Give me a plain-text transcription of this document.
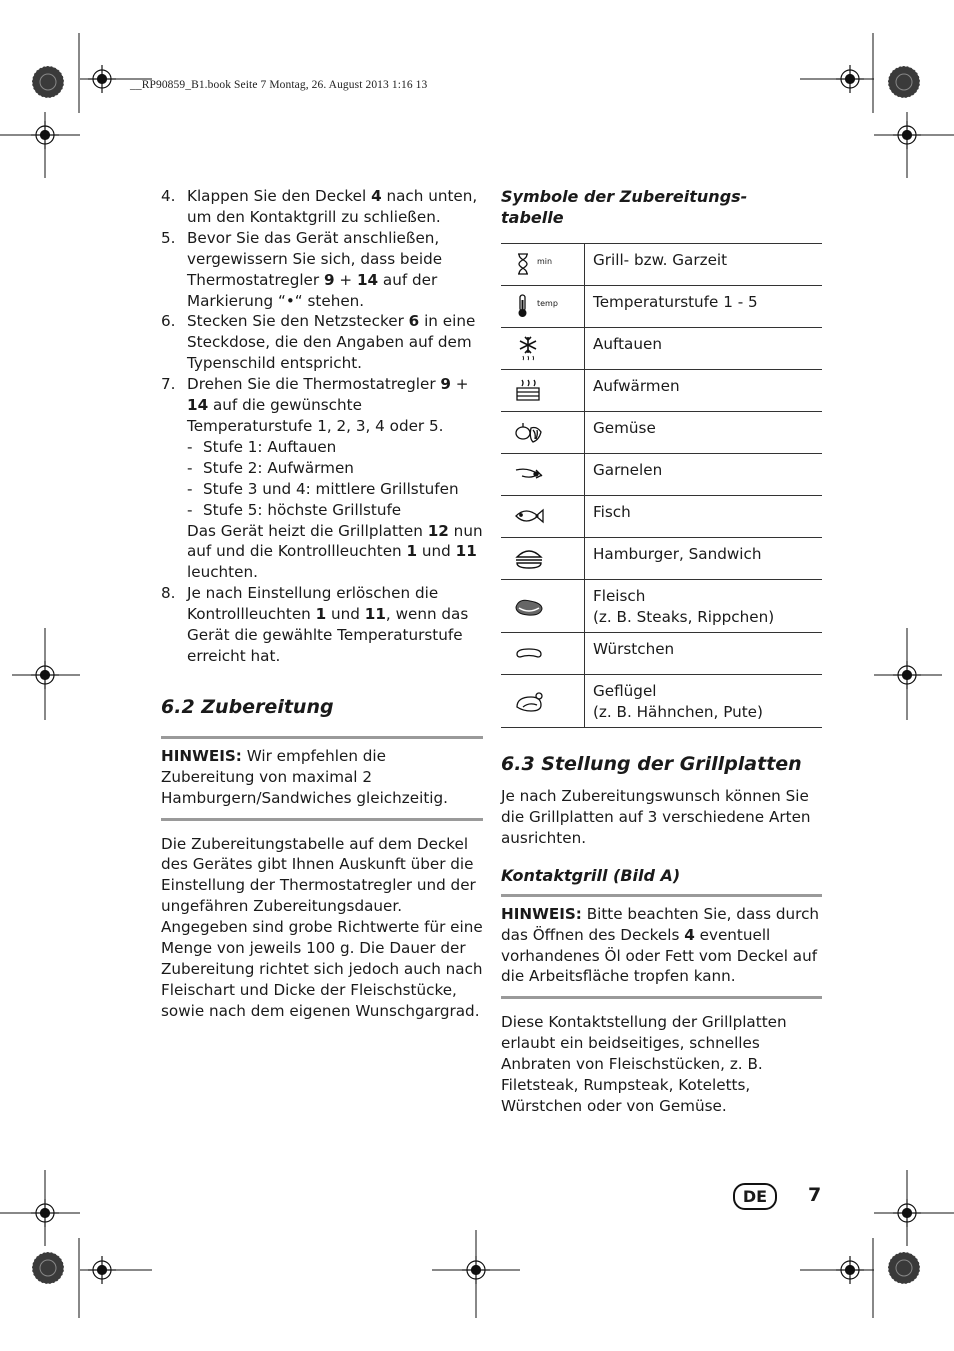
__RP90859_B1.book Seite 7 Montag, 26. August 2013 1:16 13
4. Klappen Sie den Deckel 4 nach unten, um den Kontaktgrill zu schließen.
5. Bevor Sie das Gerät anschließen, vergewissern Sie sich, dass beide Thermostatregler 9 + 14 auf der Markierung “•“ stehen.
6. Stecken Sie den Netzstecker 6 in eine Steckdose, die den Angaben auf dem Typenschild entspricht.
7. Drehen Sie die Thermostatregler 9 + 14 auf die gewünschte Temperaturstufe 1, 2, 3, 4 oder 5.
- Stufe 1: Auftauen
- Stufe 2: Aufwärmen
- Stufe 3 und 4: mittlere Grillstufen
- Stufe 5: höchste Grillstufe
Das Gerät heizt die Grillplatten 12 nun auf und die Kontrollleuchten 1 und 11 leuchten.
8. Je nach Einstellung erlöschen die Kontrollleuchten 1 und 11, wenn das Gerät die gewählte Temperaturstufe erreicht hat.
6.2 Zubereitung
HINWEIS: Wir empfehlen die Zubereitung von maximal 2 Hamburgern/Sandwiches gleichzeitig.

Die Zubereitungstabelle auf dem Deckel des Gerätes gibt Ihnen Auskunft über die Einstellung der Thermostatregler und der ungefähren Zubereitungsdauer. Angegeben sind grobe Richtwerte für eine Menge von jeweils 100 g. Die Dauer der Zubereitung richtet sich jedoch auch nach Fleischart und Dicke der Fleischstücke, sowie nach dem eigenen Wunschgargrad.

Symbole der Zubereitungs-tabelle
min	Grill- bzw. Garzeit

temp	Temperaturstufe 1 - 5

	Auftauen

	Aufwärmen

	Gemüse

	Garnelen

	Fisch

	Hamburger, Sandwich

	Fleisch
(z. B. Steaks, Rippchen)

	Würstchen

	Geflügel
(z. B. Hähnchen, Pute)
6.3 Stellung der Grillplatten

Je nach Zubereitungswunsch können Sie die Grillplatten auf 3 verschiedene Arten ausrichten.

Kontaktgrill (Bild A)
HINWEIS: Bitte beachten Sie, dass durch das Öffnen des Deckels 4 eventuell vorhandenes Öl oder Fett vom Deckel auf die Arbeitsfläche tropfen kann.

Diese Kontaktstellung der Grillplatten erlaubt ein beidseitiges, schnelles Anbraten von Fleischstücken, z. B. Filetsteak, Rumpsteak, Koteletts, Würstchen oder von Gemüse.

DE	7
